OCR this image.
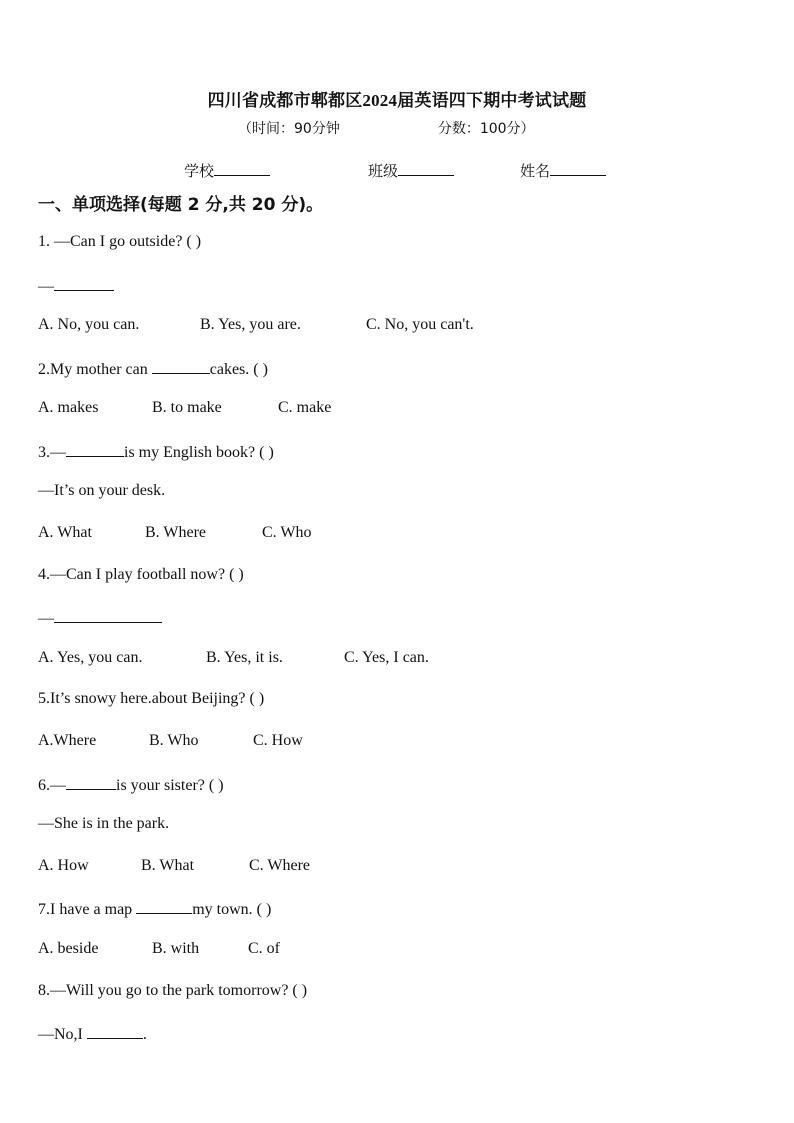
四川省成都市郫都区2024届英语四下期中考试试题
（时间：90分钟	分数：100分）
学校	班级	姓名
一、单项选择(每题 2 分,共 20 分)。
1. —Can I go outside? ( )
—
A. No, you can.	B. Yes, you are.	C. No, you can't.
2.My mother can	cakes. ( )
A. makes	B. to make	C. make
3.—	is my English book? ( )
—It’s on your desk.
A. What	B. Where	C. Who
4.—Can I play football now? ( )
—
A. Yes, you can.	B. Yes, it is.	C. Yes, I can.
5.It’s snowy here.about Beijing? ( )
A.Where	B. Who	C. How
6.—	is your sister? ( )
—She is in the park.
A. How	B. What	C. Where
7.I have a map	my town. ( )
A. beside	B. with	C. of
8.—Will you go to the park tomorrow? ( )
—No,I	.
